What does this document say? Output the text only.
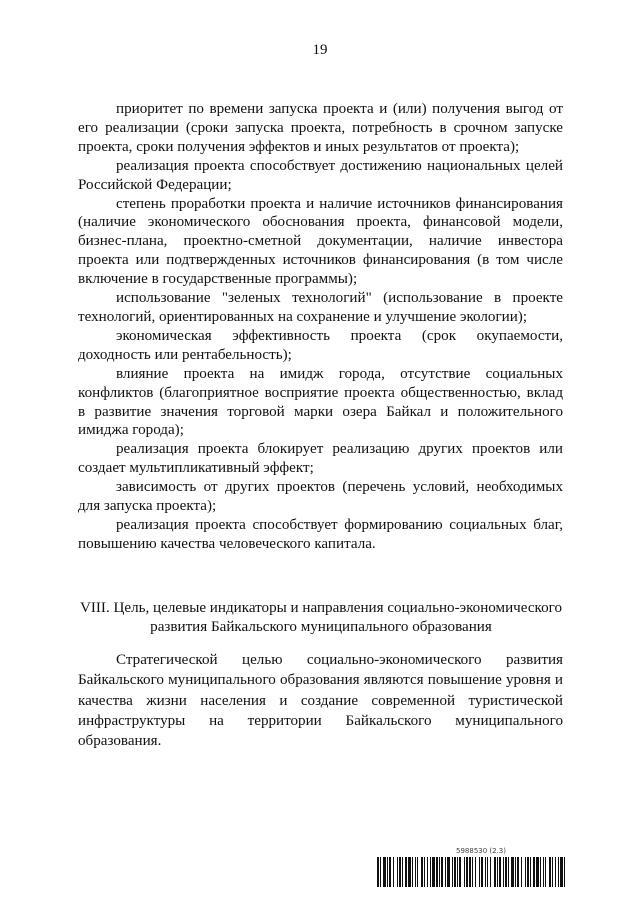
19

приоритет по времени запуска проекта и (или) получения выгод от его реализации (сроки запуска проекта, потребность в срочном запуске проекта, сроки получения эффектов и иных результатов от проекта);

реализация проекта способствует достижению национальных целей Российской Федерации;

степень проработки проекта и наличие источников финансирования (наличие экономического обоснования проекта, финансовой модели, бизнес-плана, проектно-сметной документации, наличие инвестора проекта или подтвержденных источников финансирования (в том числе включение в государственные программы);

использование "зеленых технологий" (использование в проекте технологий, ориентированных на сохранение и улучшение экологии);

экономическая эффективность проекта (срок окупаемости, доходность или рентабельность);

влияние проекта на имидж города, отсутствие социальных конфликтов (благоприятное восприятие проекта общественностью, вклад в развитие значения торговой марки озера Байкал и положительного имиджа города);

реализация проекта блокирует реализацию других проектов или создает мультипликативный эффект;

зависимость от других проектов (перечень условий, необходимых для запуска проекта);

реализация проекта способствует формированию социальных благ, повышению качества человеческого капитала.

VIII. Цель, целевые индикаторы и направления социально-экономического
развития Байкальского муниципального образования

Стратегической целью социально-экономического развития Байкальского муниципального образования являются повышение уровня и качества жизни населения и создание современной туристической инфраструктуры на территории Байкальского муниципального образования.

5988530 (2.3)
